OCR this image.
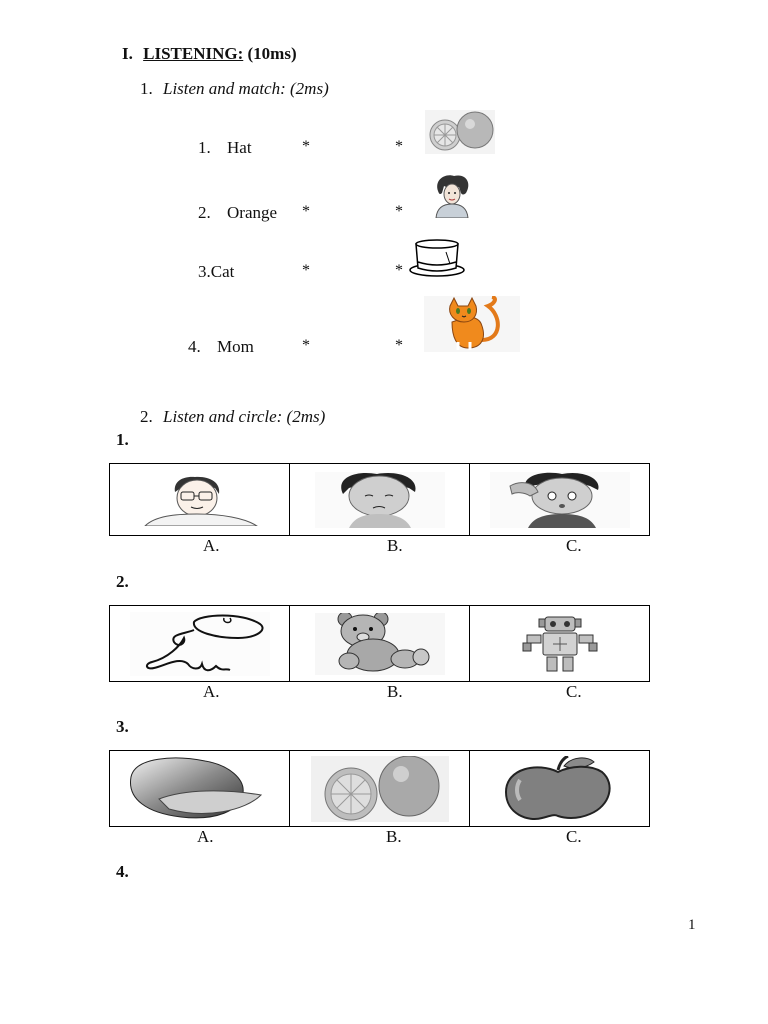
I. LISTENING: (10ms)
1. Listen and match: (2ms)
1. Hat
2. Orange
3.Cat
4. Mom
*	*
*	*
*	*
*	*
2. Listen and circle: (2ms)
1.
A.	B.	C.
2.
A.	B.	C.
3.
A.	B.	C.
4.
1
